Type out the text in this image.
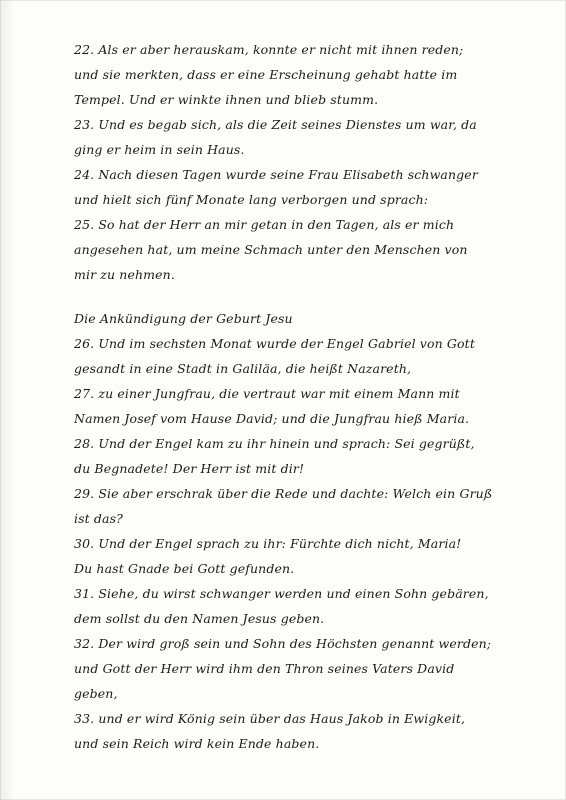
22. Als er aber herauskam, konnte er nicht mit ihnen reden;
und sie merkten, dass er eine Erscheinung gehabt hatte im
Tempel. Und er winkte ihnen und blieb stumm.
23. Und es begab sich, als die Zeit seines Dienstes um war, da
ging er heim in sein Haus.
24. Nach diesen Tagen wurde seine Frau Elisabeth schwanger
und hielt sich fünf Monate lang verborgen und sprach:
25. So hat der Herr an mir getan in den Tagen, als er mich
angesehen hat, um meine Schmach unter den Menschen von
mir zu nehmen.
Die Ankündigung der Geburt Jesu
26. Und im sechsten Monat wurde der Engel Gabriel von Gott
gesandt in eine Stadt in Galiläa, die heißt Nazareth,
27. zu einer Jungfrau, die vertraut war mit einem Mann mit
Namen Josef vom Hause David; und die Jungfrau hieß Maria.
28. Und der Engel kam zu ihr hinein und sprach: Sei gegrüßt,
du Begnadete! Der Herr ist mit dir!
29. Sie aber erschrak über die Rede und dachte: Welch ein Gruß
ist das?
30. Und der Engel sprach zu ihr: Fürchte dich nicht, Maria!
Du hast Gnade bei Gott gefunden.
31. Siehe, du wirst schwanger werden und einen Sohn gebären,
dem sollst du den Namen Jesus geben.
32. Der wird groß sein und Sohn des Höchsten genannt werden;
und Gott der Herr wird ihm den Thron seines Vaters David
geben,
33. und er wird König sein über das Haus Jakob in Ewigkeit,
und sein Reich wird kein Ende haben.
